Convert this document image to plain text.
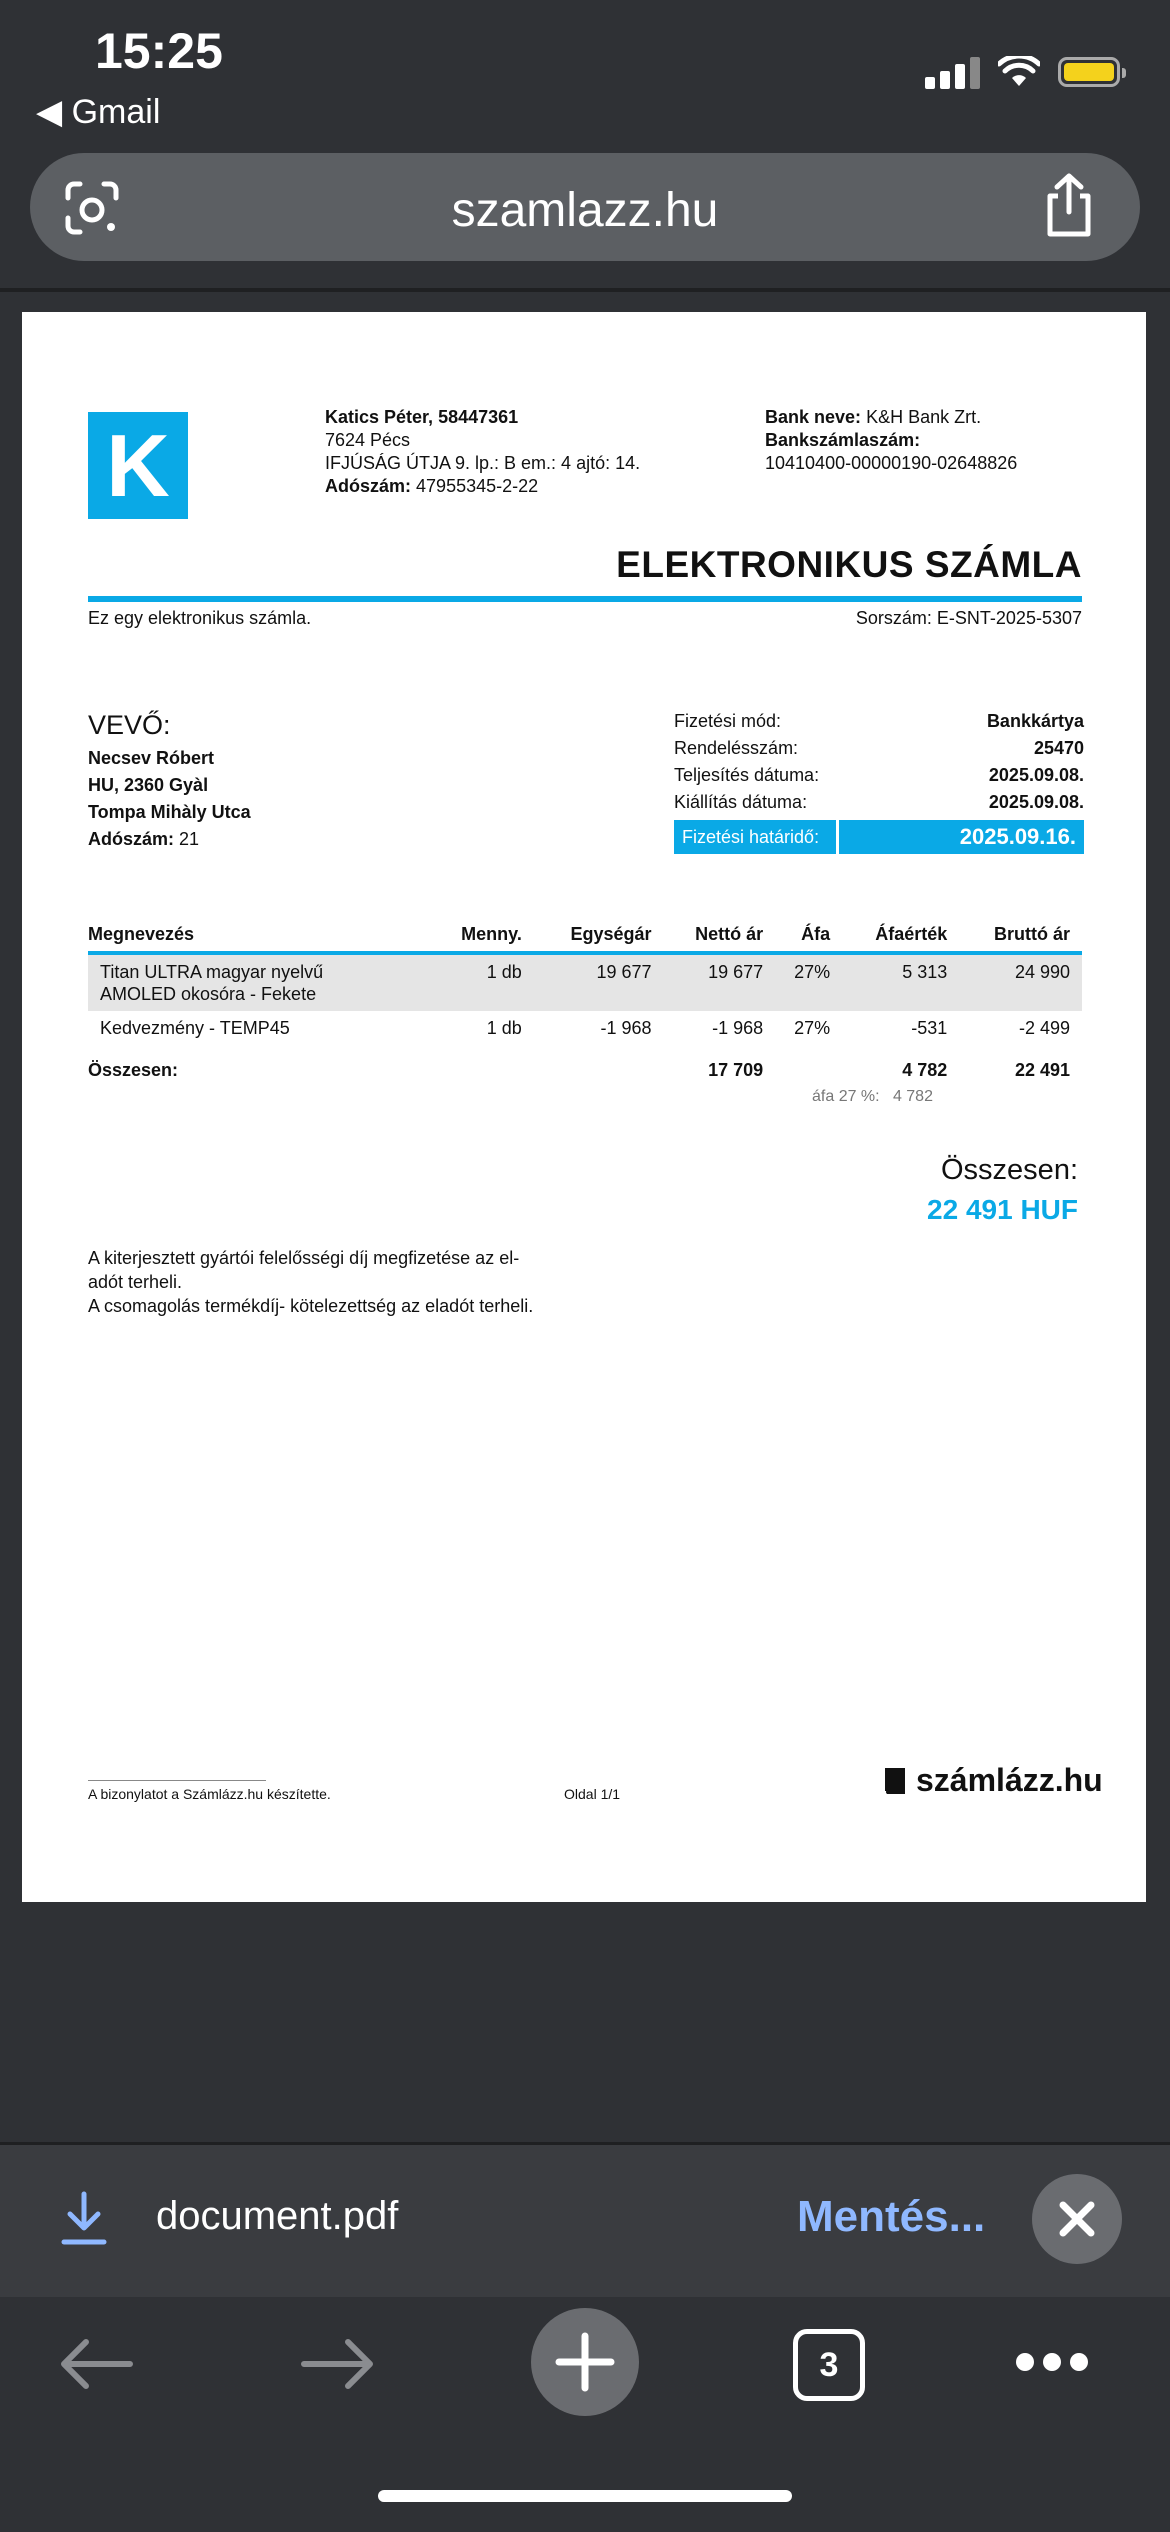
15:25
◀ Gmail
szamlazz.hu
K	Katics Péter, 58447361
7624 Pécs
IFJÚSÁG ÚTJA 9. lp.: B em.: 4 ajtó: 14.
Adószám: 47955345-2-22
Bank neve: K&H Bank Zrt.
Bankszámlaszám:
10410400-00000190-02648826
ELEKTRONIKUS SZÁMLA
Ez egy elektronikus számla.	Sorszám: E-SNT-2025-5307
VEVŐ:
Necsev Róbert
HU, 2360 Gyàl
Tompa Mihàly Utca
Adószám: 21
Fizetési mód:	Bankkártya
Rendelésszám:	25470
Teljesítés dátuma:	2025.09.08.
Kiállítás dátuma:	2025.09.08.
Fizetési határidő:	2025.09.16.
Megnevezés	Menny.	Egységár	Nettó ár	Áfa	Áfaérték	Bruttó ár

Titan ULTRA magyar nyelvű
AMOLED okosóra - Fekete	1 db	19 677	19 677	27%	5 313	24 990
Kedvezmény - TEMP45	1 db	-1 968	-1 968	27%	-531	-2 499
Összesen:			17 709		4 782	22 491
áfa 27 %:   4 782
Összesen:
22 491 HUF
A kiterjesztett gyártói felelősségi díj megfizetése az el-
adót terheli.
A csomagolás termékdíj- kötelezettség az eladót terheli.
A bizonylatot a Számlázz.hu készítette.	Oldal 1/1	számlázz.hu
document.pdf	Mentés...
3
